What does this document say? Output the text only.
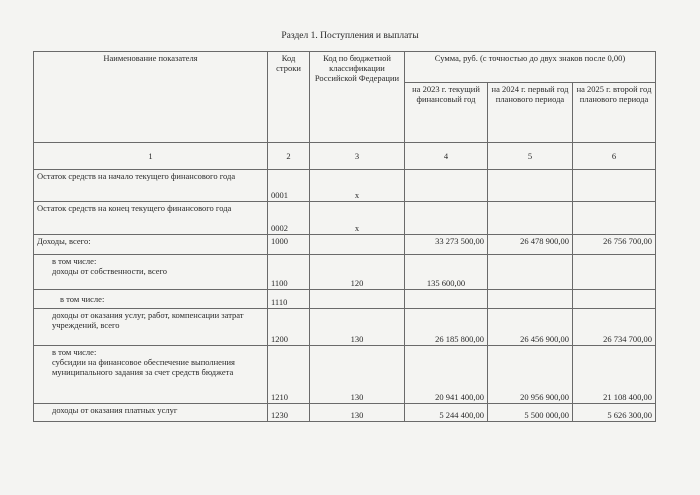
Раздел 1. Поступления и выплаты
Наименование показателя	Код строки	Код по бюджетной классификации Российской Федерации	Сумма, руб. (с точностью до двух знаков после 0,00)		
			на 2023 г. текущий финансовый год	на 2024 г. первый год планового периода	на 2025 г. второй год планового периода
1	2	3	4	5	6
Остаток средств на начало текущего финансового года	0001	х			
Остаток средств на конец текущего финансового года	0002	х			
Доходы, всего:	1000		33 273 500,00	26 478 900,00	26 756 700,00

в том числе:
доходы от собственности, всего	1100	120	135 600,00		
в том числе:	1110				
доходы от оказания услуг, работ, компенсации затрат учреждений, всего	1200	130	26 185 800,00	26 456 900,00	26 734 700,00

в том числе:
субсидии на финансовое обеспечение выполнения муниципального задания за счет средств бюджета	1210	130	20 941 400,00	20 956 900,00	21 108 400,00
доходы от оказания платных услуг	1230	130	5 244 400,00	5 500 000,00	5 626 300,00
